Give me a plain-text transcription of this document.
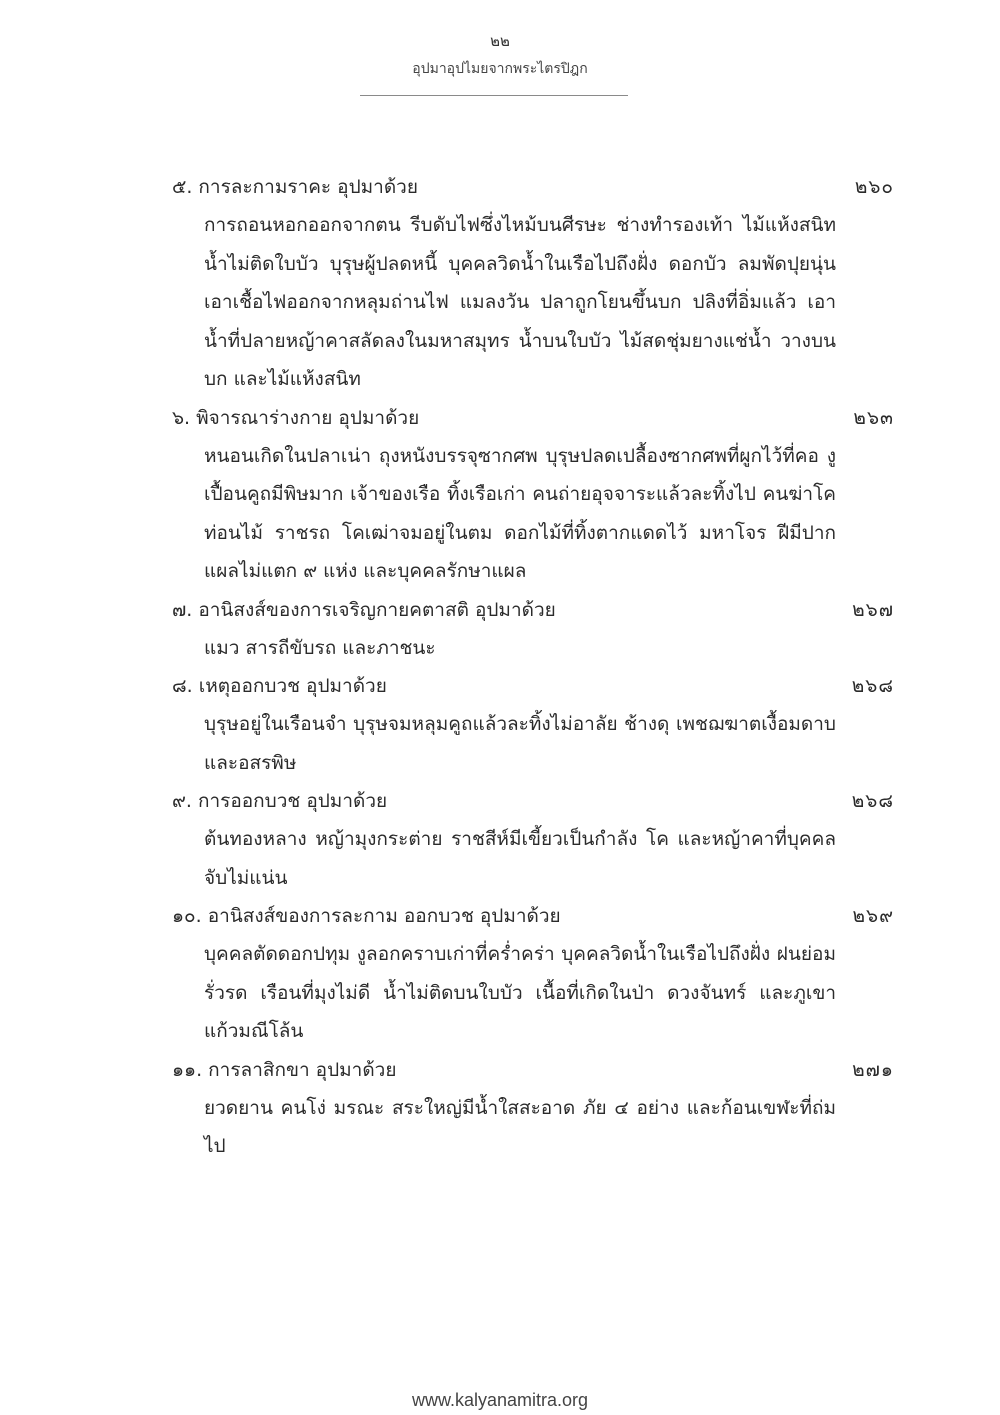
๒๒
อุปมาอุปไมยจากพระไตรปิฎก
๕. การละกามราคะ อุปมาด้วย	๒๖๐
การถอนหอกออกจากตน รีบดับไฟซึ่งไหม้บนศีรษะ ช่างทำรองเท้า ไม้แห้งสนิท น้ำไม่ติดใบบัว บุรุษผู้ปลดหนี้ บุคคลวิดน้ำในเรือไปถึงฝั่ง ดอกบัว ลมพัดปุยนุ่น เอาเชื้อไฟออกจากหลุมถ่านไฟ แมลงวัน ปลาถูกโยนขึ้นบก ปลิงที่อิ่มแล้ว เอาน้ำที่ปลายหญ้าคาสลัดลงในมหาสมุทร น้ำบนใบบัว ไม้สดชุ่มยางแช่น้ำ วางบนบก และไม้แห้งสนิท
๖. พิจารณาร่างกาย อุปมาด้วย	๒๖๓
หนอนเกิดในปลาเน่า ถุงหนังบรรจุซากศพ บุรุษปลดเปลื้องซากศพที่ผูกไว้ที่คอ งูเปื้อนคูถมีพิษมาก เจ้าของเรือ ทิ้งเรือเก่า คนถ่ายอุจจาระแล้วละทิ้งไป คนฆ่าโคท่อนไม้ ราชรถ โคเฒ่าจมอยู่ในตม ดอกไม้ที่ทิ้งตากแดดไว้ มหาโจร ฝีมีปากแผลไม่แตก ๙ แห่ง และบุคคลรักษาแผล
๗. อานิสงส์ของการเจริญกายคตาสติ อุปมาด้วย	๒๖๗
แมว สารถีขับรถ และภาชนะ
๘. เหตุออกบวช อุปมาด้วย	๒๖๘
บุรุษอยู่ในเรือนจำ บุรุษจมหลุมคูถแล้วละทิ้งไม่อาลัย ช้างดุ เพชฌฆาตเงื้อมดาบและอสรพิษ
๙. การออกบวช อุปมาด้วย	๒๖๘
ต้นทองหลาง หญ้ามุงกระต่าย ราชสีห์มีเขี้ยวเป็นกำลัง โค และหญ้าคาที่บุคคลจับไม่แน่น
๑๐. อานิสงส์ของการละกาม ออกบวช อุปมาด้วย	๒๖๙
บุคคลตัดดอกปทุม งูลอกคราบเก่าที่คร่ำคร่า บุคคลวิดน้ำในเรือไปถึงฝั่ง ฝนย่อมรั่วรด เรือนที่มุงไม่ดี น้ำไม่ติดบนใบบัว เนื้อที่เกิดในป่า ดวงจันทร์ และภูเขาแก้วมณีโล้น
๑๑. การลาสิกขา อุปมาด้วย	๒๗๑
ยวดยาน คนโง่ มรณะ สระใหญ่มีน้ำใสสะอาด ภัย ๔ อย่าง และก้อนเขฬะที่ถ่มไป
www.kalyanamitra.org
